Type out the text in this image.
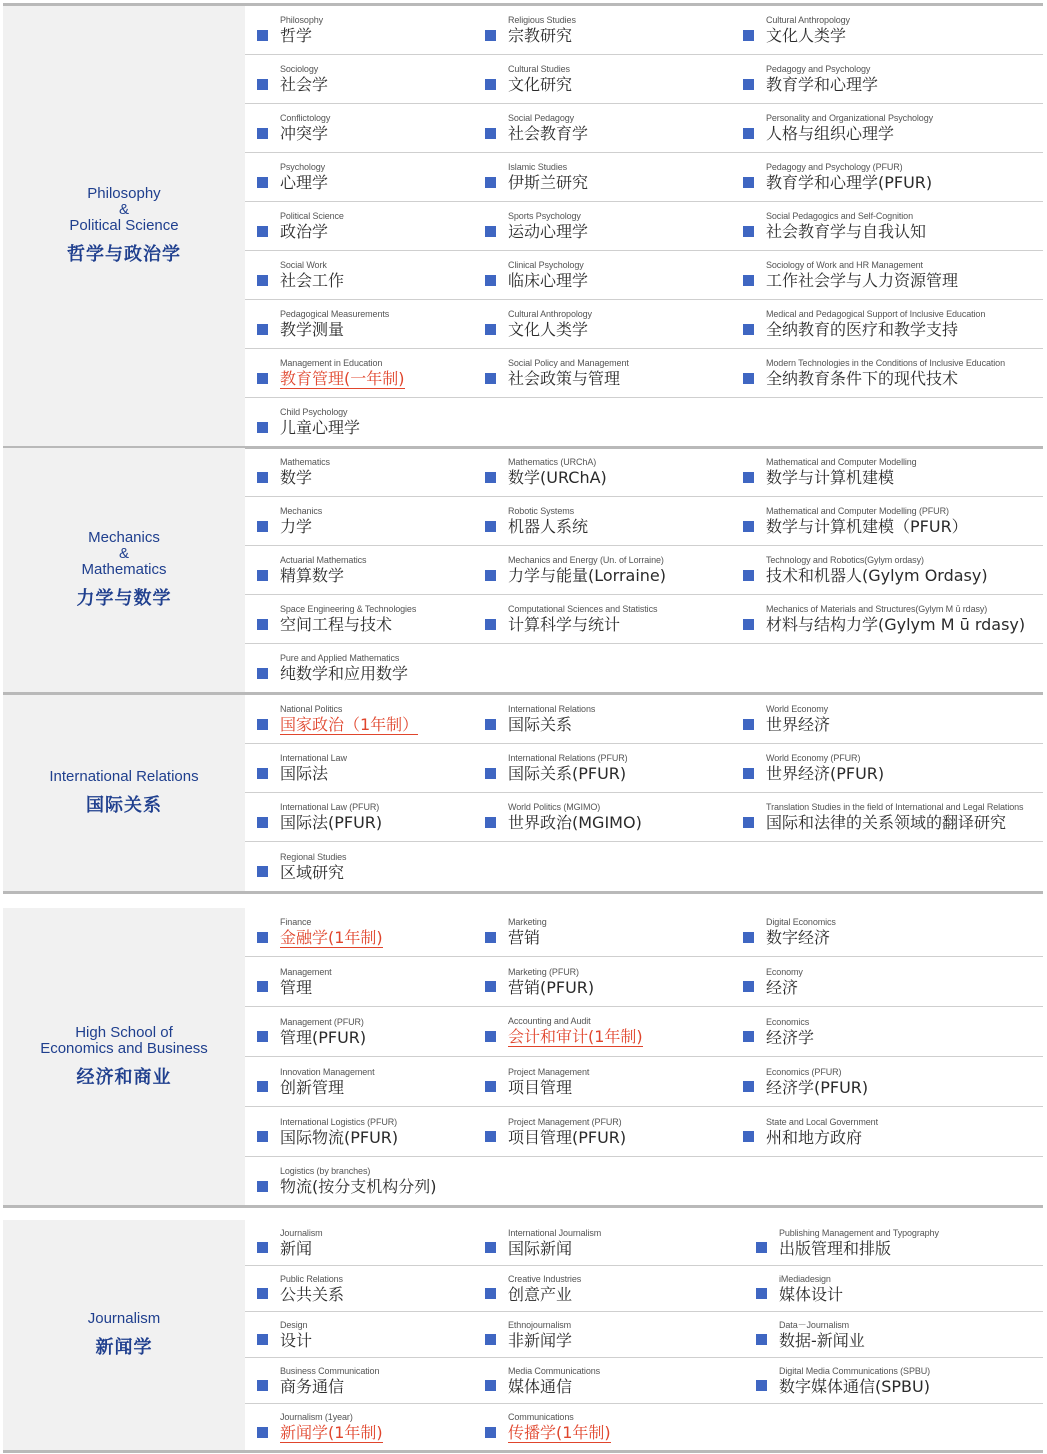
Philosophy
&
Political Science
哲学与政治学
Philosophy
哲学
Religious Studies
宗教研究
Cultural Anthropology
文化人类学
Sociology
社会学
Cultural Studies
文化研究
Pedagogy and Psychology
教育学和心理学
Conflictology
冲突学
Social Pedagogy
社会教育学
Personality and Organizational Psychology
人格与组织心理学
Psychology
心理学
Islamic Studies
伊斯兰研究
Pedagogy and Psychology (PFUR)
教育学和心理学(PFUR)
Political Science
政治学
Sports Psychology
运动心理学
Social Pedagogics and Self-Cognition
社会教育学与自我认知
Social Work
社会工作
Clinical Psychology
临床心理学
Sociology of Work and HR Management
工作社会学与人力资源管理
Pedagogical Measurements
教学测量
Cultural Anthropology
文化人类学
Medical and Pedagogical Support of Inclusive Education
全纳教育的医疗和教学支持
Management in Education
教育管理(一年制)
Social Policy and Management
社会政策与管理
Modern Technologies in the Conditions of Inclusive Education
全纳教育条件下的现代技术
Child Psychology
儿童心理学
Mechanics
&
Mathematics
力学与数学
Mathematics
数学
Mathematics (URChA)
数学(URChA)
Mathematical and Computer Modelling
数学与计算机建模
Mechanics
力学
Robotic Systems
机器人系统
Mathematical and Computer Modelling (PFUR)
数学与计算机建模（PFUR）
Actuarial Mathematics
精算数学
Mechanics and Energy (Un. of Lorraine)
力学与能量(Lorraine)
Technology and Robotics(Gylym ordasy)
技术和机器人(Gylym Ordasy)
Space Engineering & Technologies
空间工程与技术
Computational Sciences and Statistics
计算科学与统计
Mechanics of Materials and Structures(Gylym M ū rdasy)
材料与结构力学(Gylym M ū rdasy)
Pure and Applied Mathematics
纯数学和应用数学
International Relations
国际关系
National Politics
国家政治（1年制）
International Relations
国际关系
World Economy
世界经济
International Law
国际法
International Relations (PFUR)
国际关系(PFUR)
World Economy (PFUR)
世界经济(PFUR)
International Law (PFUR)
国际法(PFUR)
World Politics (MGIMO)
世界政治(MGIMO)
Translation Studies in the field of International and Legal Relations
国际和法律的关系领域的翻译研究
Regional Studies
区域研究
High School of
Economics and Business
经济和商业
Finance
金融学(1年制)
Marketing
营销
Digital Economics
数字经济
Management
管理
Marketing (PFUR)
营销(PFUR)
Economy
经济
Management (PFUR)
管理(PFUR)
Accounting and Audit
会计和审计(1年制)
Economics
经济学
Innovation Management
创新管理
Project Management
项目管理
Economics (PFUR)
经济学(PFUR)
International Logistics (PFUR)
国际物流(PFUR)
Project Management (PFUR)
项目管理(PFUR)
State and Local Government
州和地方政府
Logistics (by branches)
物流(按分支机构分列)
Journalism
新闻学
Journalism
新闻
International Journalism
国际新闻
Publishing Management and Typography
出版管理和排版
Public Relations
公共关系
Creative Industries
创意产业
iMediadesign
媒体设计
Design
设计
Ethnojournalism
非新闻学
Data－Journalism
数据-新闻业
Business Communication
商务通信
Media Communications
媒体通信
Digital Media Communications (SPBU)
数字媒体通信(SPBU)
Journalism (1year)
新闻学(1年制)
Communications
传播学(1年制)
